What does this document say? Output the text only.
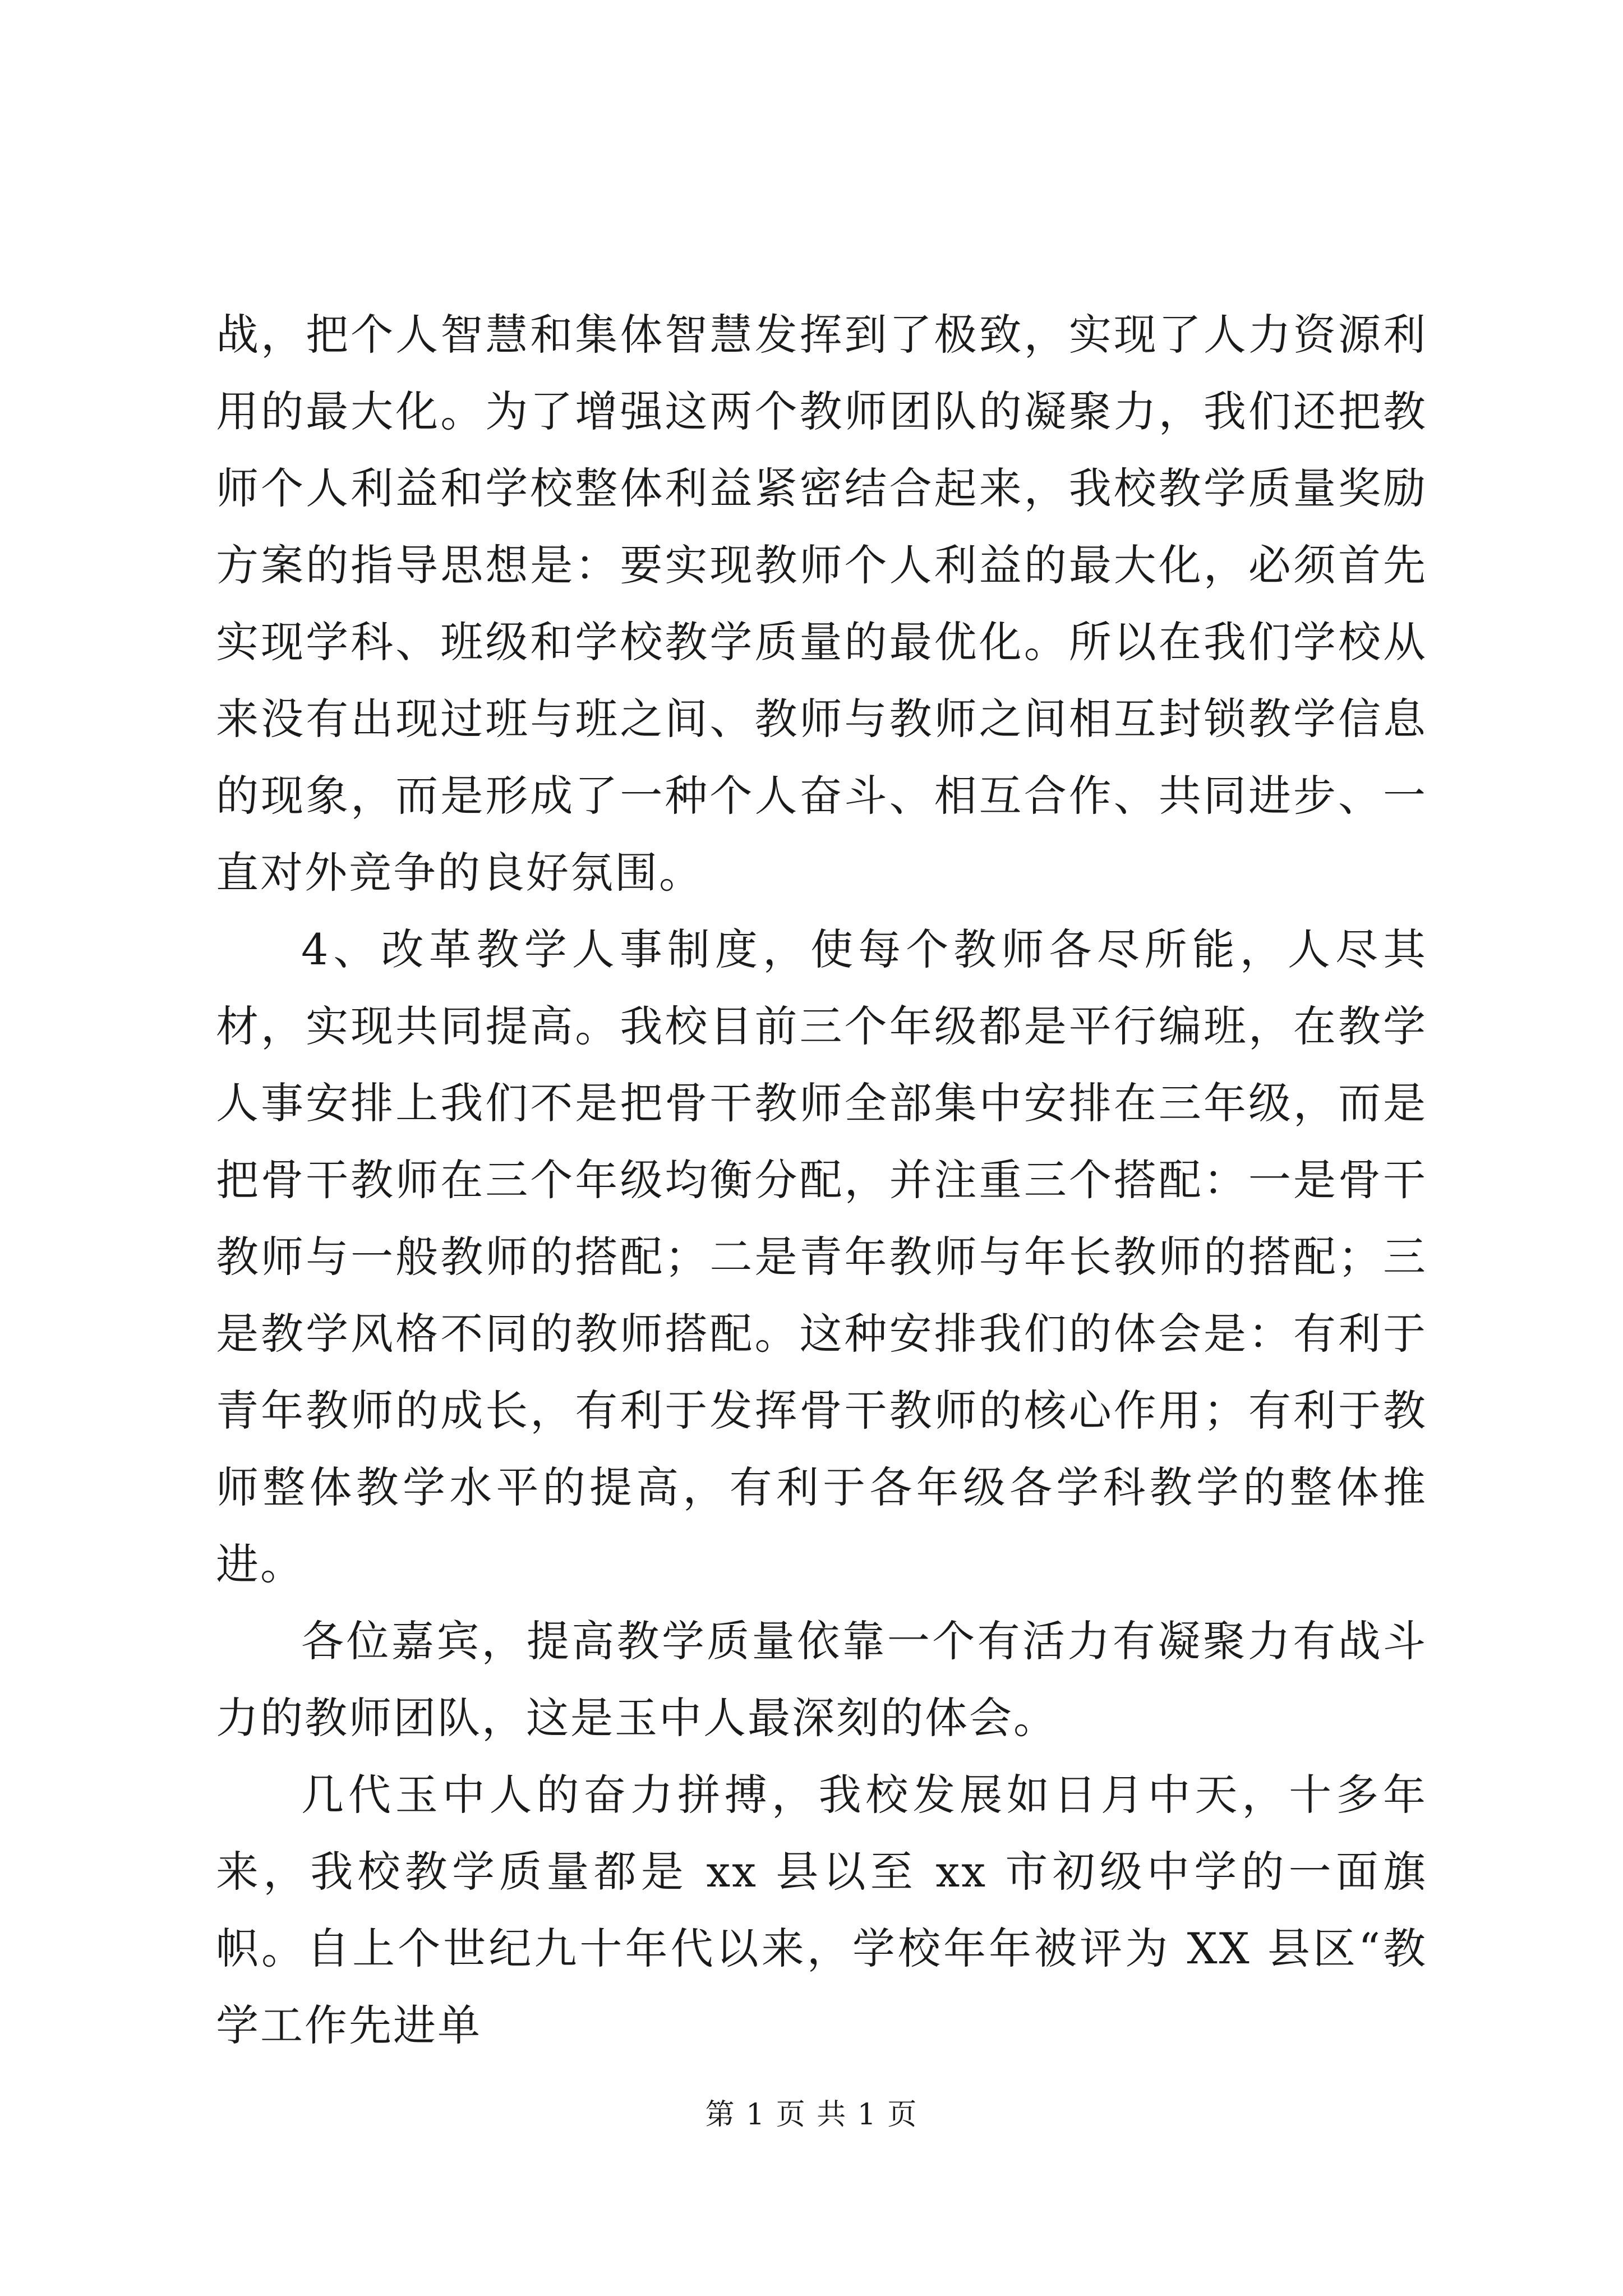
战，把个人智慧和集体智慧发挥到了极致，实现了人力资源利用的最大化。为了增强这两个教师团队的凝聚力，我们还把教师个人利益和学校整体利益紧密结合起来，我校教学质量奖励方案的指导思想是：要实现教师个人利益的最大化，必须首先实现学科、班级和学校教学质量的最优化。所以在我们学校从来没有出现过班与班之间、教师与教师之间相互封锁教学信息的现象，而是形成了一种个人奋斗、相互合作、共同进步、一直对外竞争的良好氛围。

4、改革教学人事制度，使每个教师各尽所能，人尽其材，实现共同提高。我校目前三个年级都是平行编班，在教学人事安排上我们不是把骨干教师全部集中安排在三年级，而是把骨干教师在三个年级均衡分配，并注重三个搭配：一是骨干教师与一般教师的搭配；二是青年教师与年长教师的搭配；三是教学风格不同的教师搭配。这种安排我们的体会是：有利于青年教师的成长，有利于发挥骨干教师的核心作用；有利于教师整体教学水平的提高，有利于各年级各学科教学的整体推进。

各位嘉宾，提高教学质量依靠一个有活力有凝聚力有战斗力的教师团队，这是玉中人最深刻的体会。

几代玉中人的奋力拼搏，我校发展如日月中天，十多年来，我校教学质量都是 xx 县以至 xx 市初级中学的一面旗帜。自上个世纪九十年代以来，学校年年被评为 XX 县区“教学工作先进单

第 1 页 共 1 页
